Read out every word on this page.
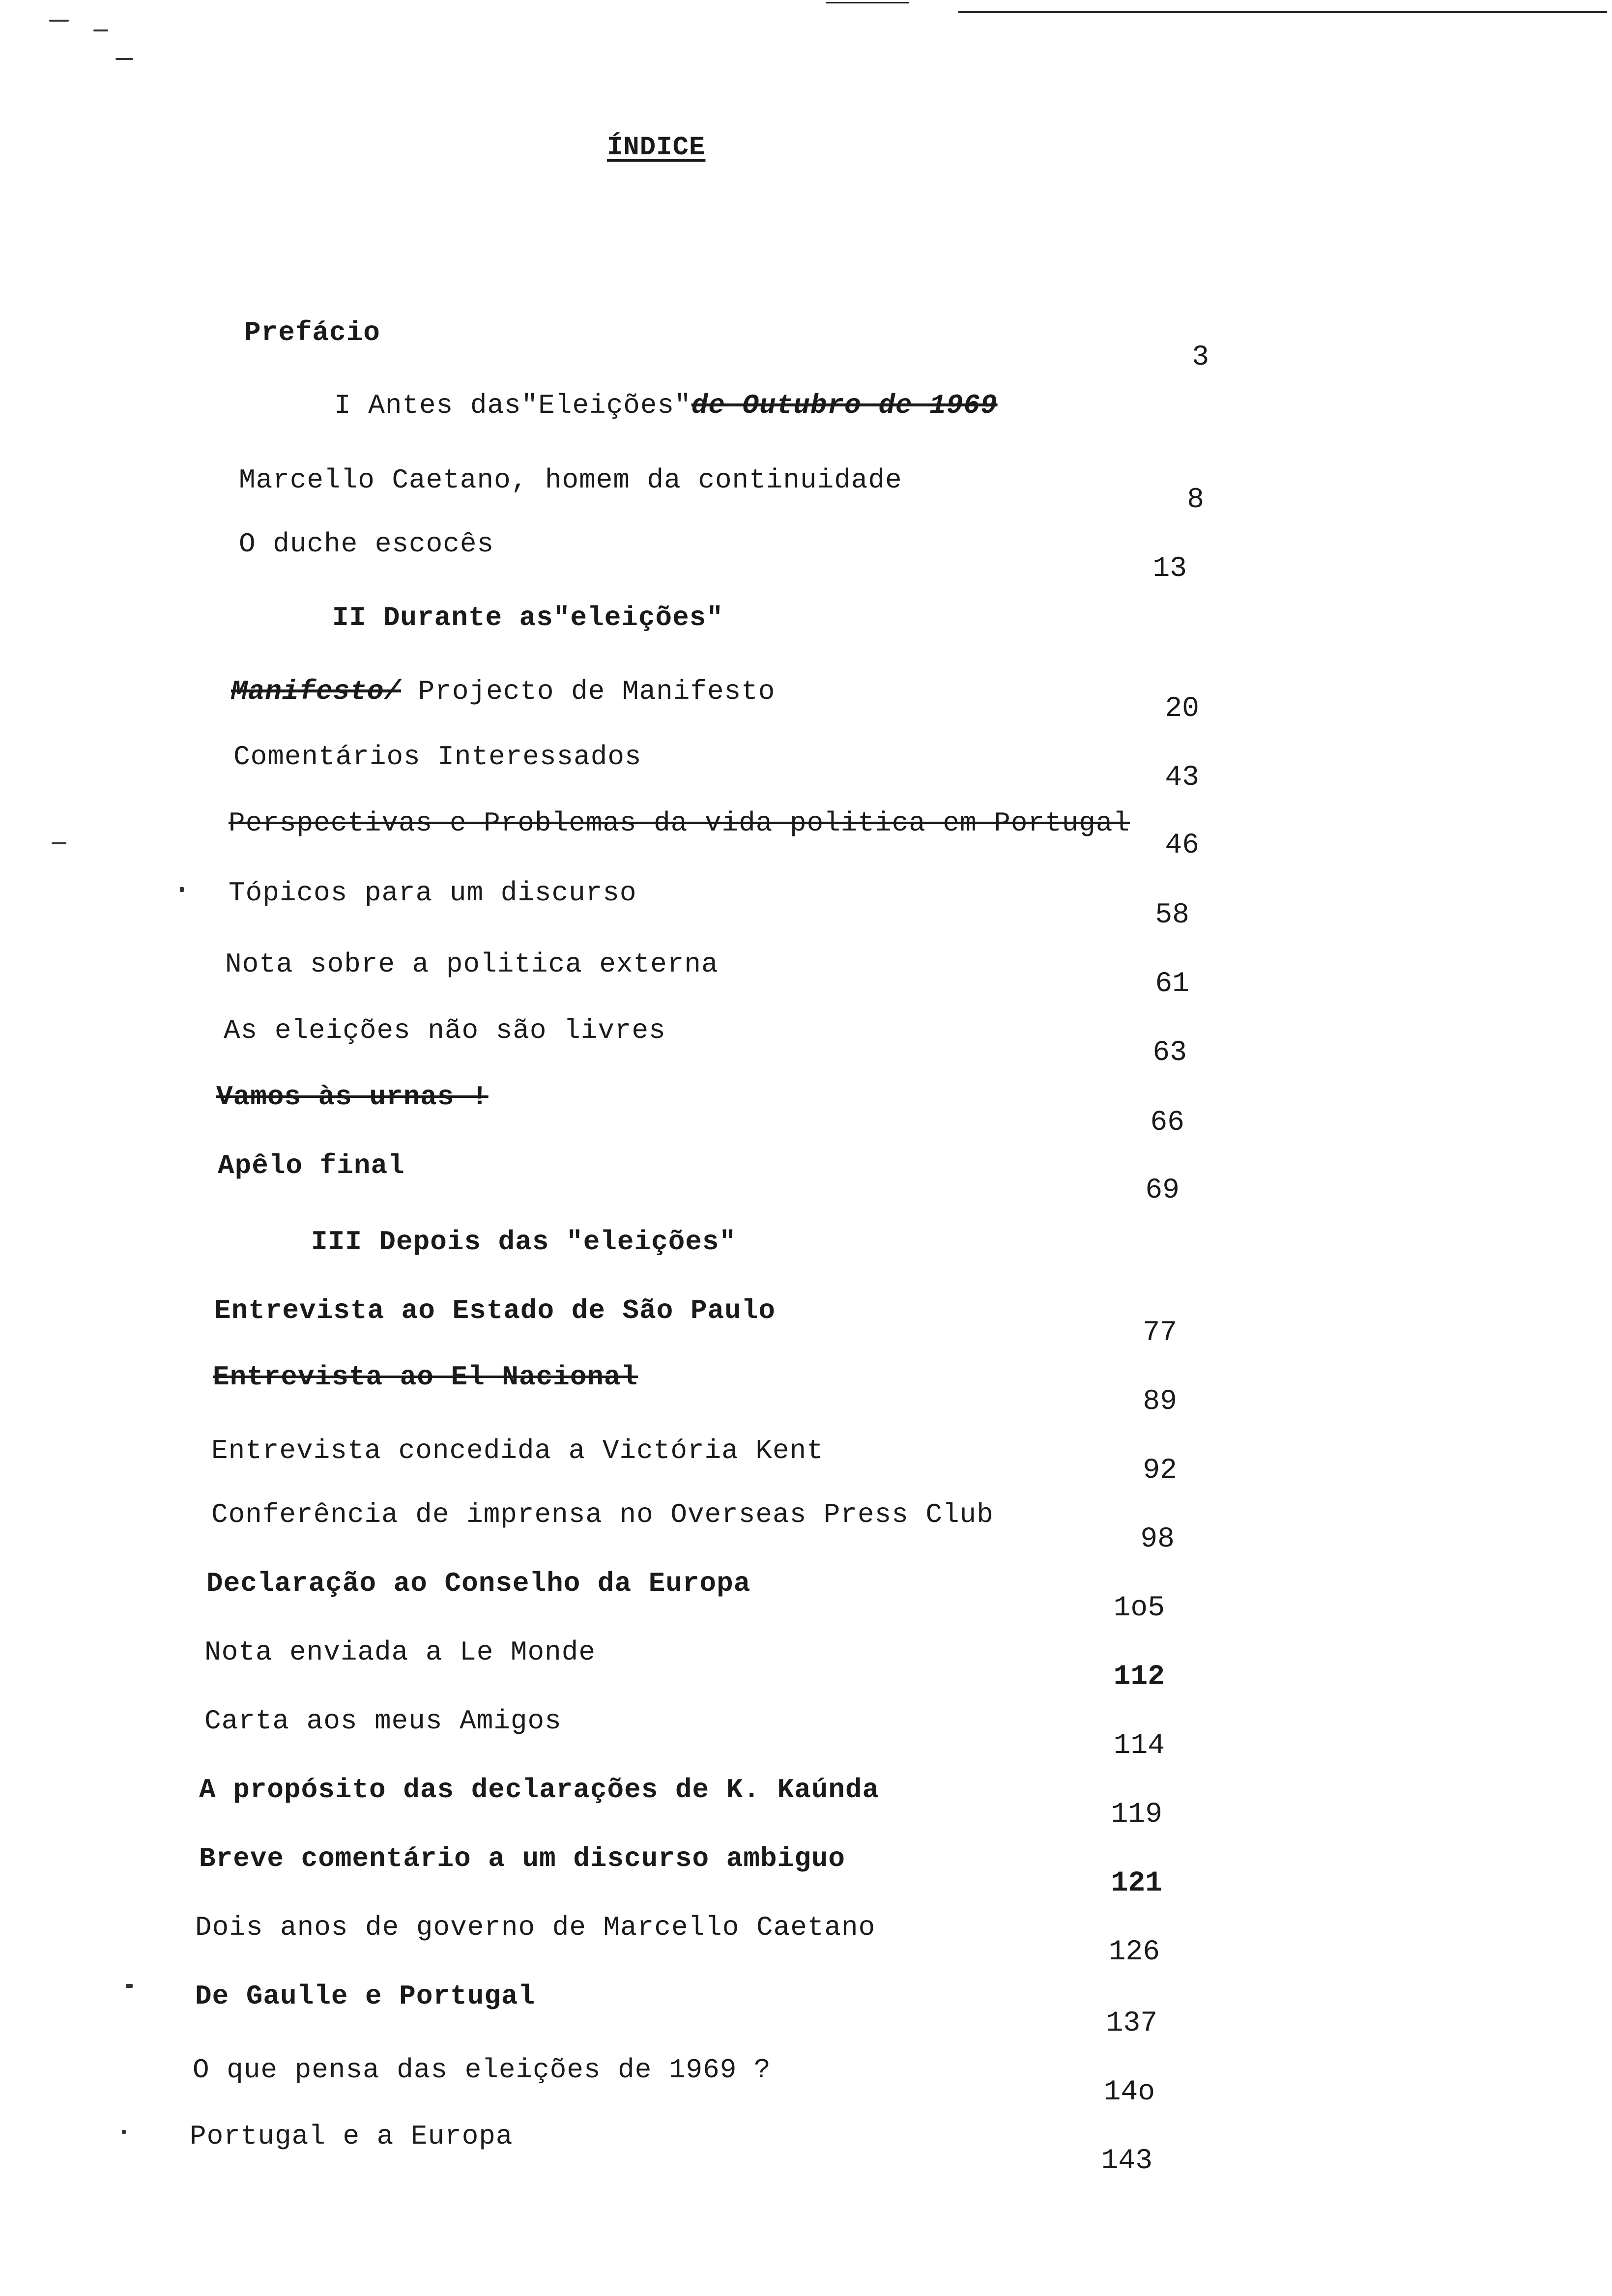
ÍNDICE
Prefácio
3
I Antes das"Eleições"de Outubro de 1969
Marcello Caetano, homem da continuidade
8
O duche escocês
13
II Durante as"eleições"
Manifesto/ Projecto de Manifesto
20
Comentários Interessados
43
Perspectivas e Problemas da vida politica em Portugal
46
Tópicos para um discurso
58
Nota sobre a politica externa
61
As eleições não são livres
63
Vamos às urnas !
66
Apêlo final
69
III Depois das "eleições"
Entrevista ao Estado de São Paulo
77
Entrevista ao El Nacional
89
Entrevista concedida a Victória Kent
92
Conferência de imprensa no Overseas Press Club
98
Declaração ao Conselho da Europa
1o5
Nota enviada a Le Monde
112
Carta aos meus Amigos
114
A propósito das declarações de K. Kaúnda
119
Breve comentário a um discurso ambiguo
121
Dois anos de governo de Marcello Caetano
126
De Gaulle e Portugal
137
O que pensa das eleições de 1969 ?
14o
Portugal e a Europa
143
